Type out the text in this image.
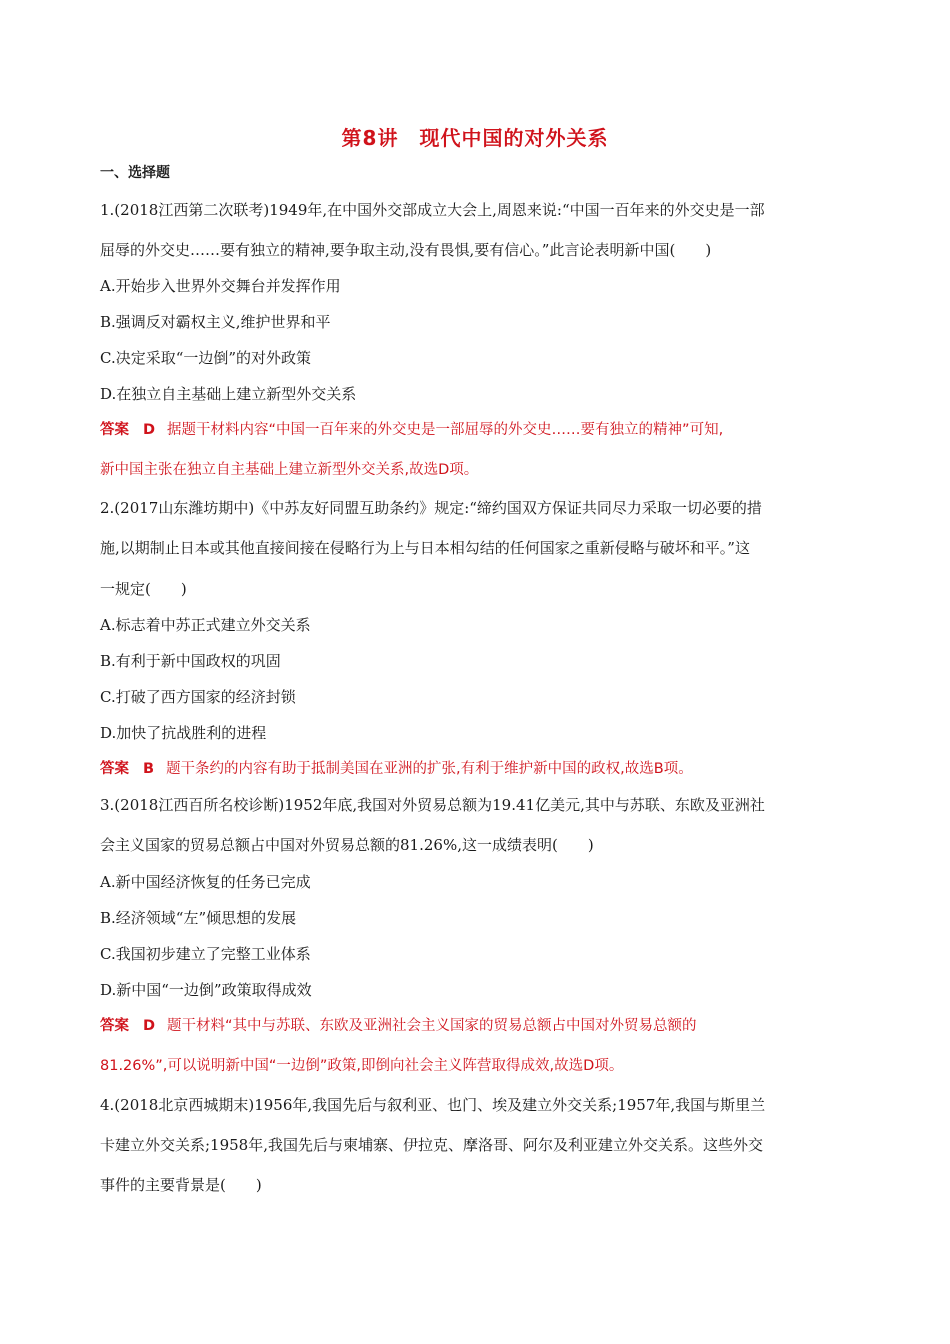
第8讲　现代中国的对外关系
一、选择题
1.(2018江西第二次联考)1949年,在中国外交部成立大会上,周恩来说:“中国一百年来的外交史是一部
屈辱的外交史……要有独立的精神,要争取主动,没有畏惧,要有信心。”此言论表明新中国(　　)
A.开始步入世界外交舞台并发挥作用
B.强调反对霸权主义,维护世界和平
C.决定采取“一边倒”的对外政策
D.在独立自主基础上建立新型外交关系
答案 D 据题干材料内容“中国一百年来的外交史是一部屈辱的外交史……要有独立的精神”可知,
新中国主张在独立自主基础上建立新型外交关系,故选D项。
2.(2017山东潍坊期中)《中苏友好同盟互助条约》规定:“缔约国双方保证共同尽力采取一切必要的措
施,以期制止日本或其他直接间接在侵略行为上与日本相勾结的任何国家之重新侵略与破坏和平。”这
一规定(　　)
A.标志着中苏正式建立外交关系
B.有利于新中国政权的巩固
C.打破了西方国家的经济封锁
D.加快了抗战胜利的进程
答案 B 题干条约的内容有助于抵制美国在亚洲的扩张,有利于维护新中国的政权,故选B项。
3.(2018江西百所名校诊断)1952年底,我国对外贸易总额为19.41亿美元,其中与苏联、东欧及亚洲社
会主义国家的贸易总额占中国对外贸易总额的81.26%,这一成绩表明(　　)
A.新中国经济恢复的任务已完成
B.经济领域“左”倾思想的发展
C.我国初步建立了完整工业体系
D.新中国“一边倒”政策取得成效
答案 D 题干材料“其中与苏联、东欧及亚洲社会主义国家的贸易总额占中国对外贸易总额的
81.26%”,可以说明新中国“一边倒”政策,即倒向社会主义阵营取得成效,故选D项。
4.(2018北京西城期末)1956年,我国先后与叙利亚、也门、埃及建立外交关系;1957年,我国与斯里兰
卡建立外交关系;1958年,我国先后与柬埔寨、伊拉克、摩洛哥、阿尔及利亚建立外交关系。这些外交
事件的主要背景是(　　)
